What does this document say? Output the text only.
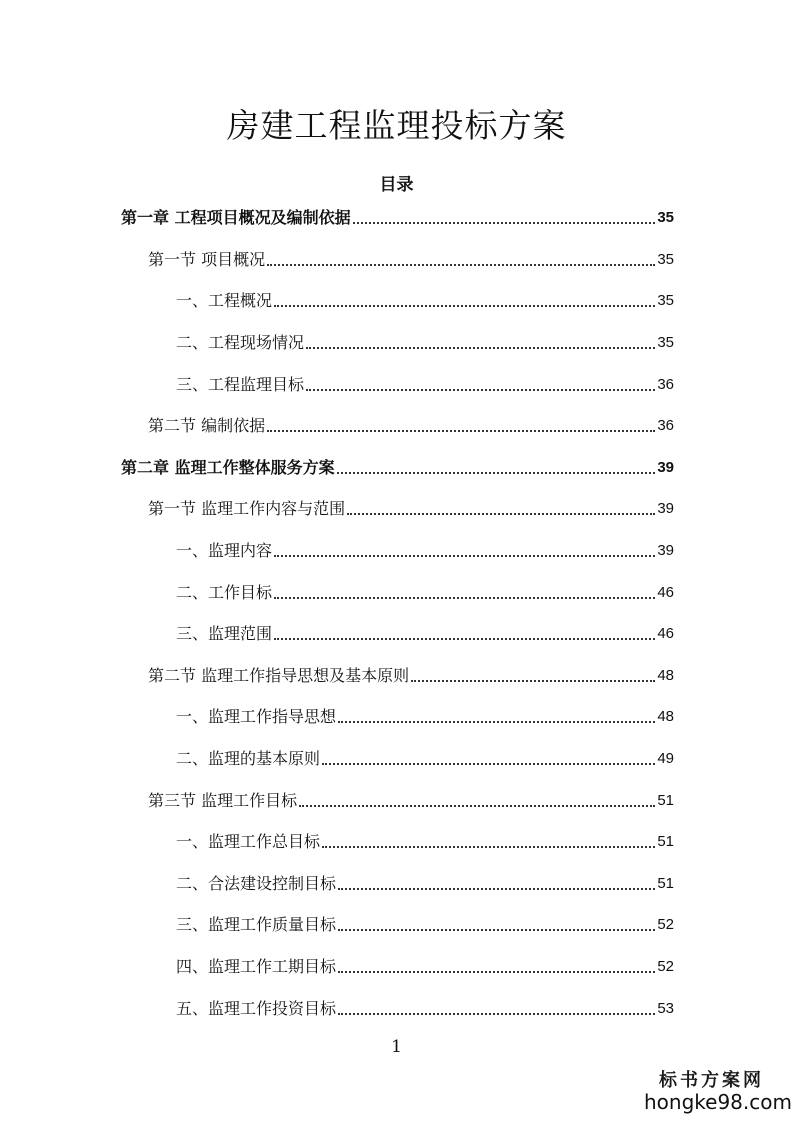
房建工程监理投标方案
目录
第一章 工程项目概况及编制依据	35
第一节 项目概况	35
一、工程概况	35
二、工程现场情况	35
三、工程监理目标	36
第二节 编制依据	36
第二章 监理工作整体服务方案	39
第一节 监理工作内容与范围	39
一、监理内容	39
二、工作目标	46
三、监理范围	46
第二节 监理工作指导思想及基本原则	48
一、监理工作指导思想	48
二、监理的基本原则	49
第三节 监理工作目标	51
一、监理工作总目标	51
二、合法建设控制目标	51
三、监理工作质量目标	52
四、监理工作工期目标	52
五、监理工作投资目标	53
1
标书方案网
hongke98.com
